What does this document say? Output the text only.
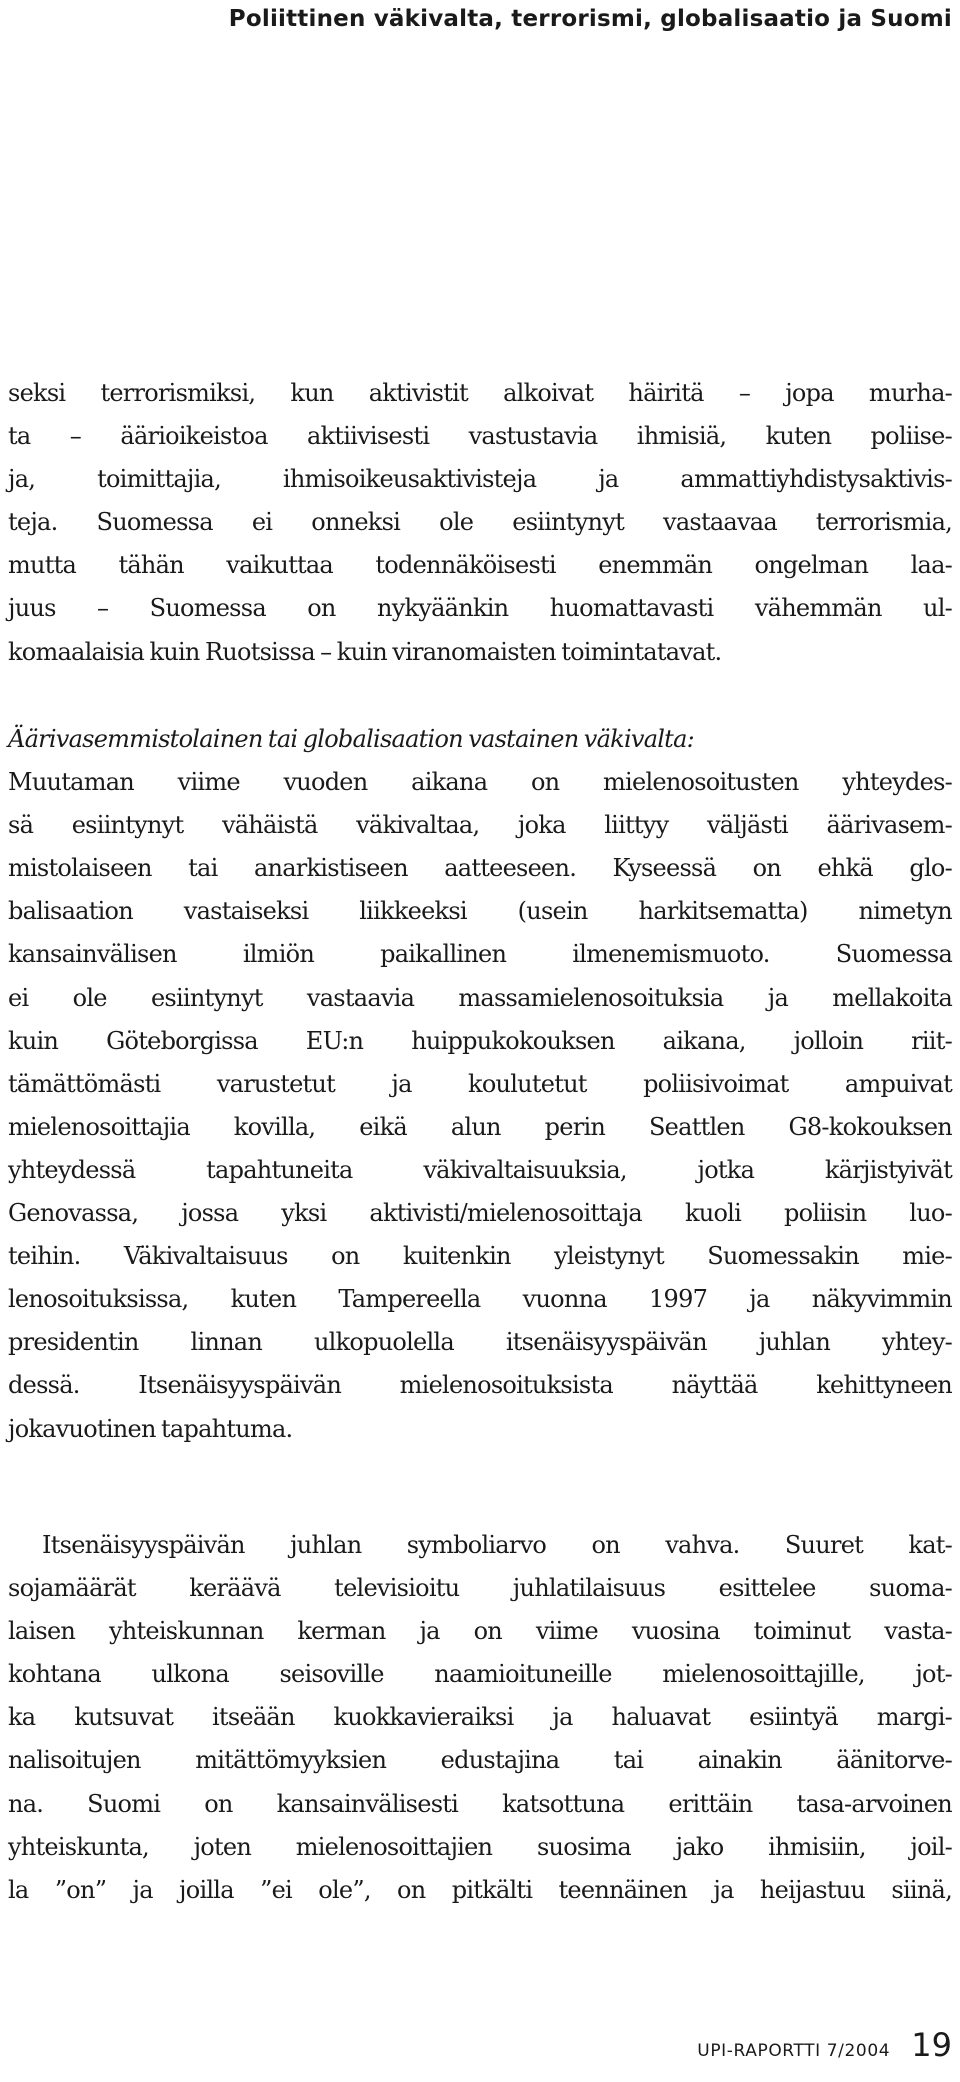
Poliittinen väkivalta, terrorismi, globalisaatio ja Suomi
seksi terrorismiksi, kun aktivistit alkoivat häiritä – jopa murha-
ta – äärioikeistoa aktiivisesti vastustavia ihmisiä, kuten poliise-
ja, toimittajia, ihmisoikeusaktivisteja ja ammattiyhdistysaktivis-
teja. Suomessa ei onneksi ole esiintynyt vastaavaa terrorismia,
mutta tähän vaikuttaa todennäköisesti enemmän ongelman laa-
juus – Suomessa on nykyäänkin huomattavasti vähemmän ul-
komaalaisia kuin Ruotsissa – kuin viranomaisten toimintatavat.
Äärivasemmistolainen tai globalisaation vastainen väkivalta:
Muutaman viime vuoden aikana on mielenosoitusten yhteydes-
sä esiintynyt vähäistä väkivaltaa, joka liittyy väljästi äärivasem-
mistolaiseen tai anarkistiseen aatteeseen. Kyseessä on ehkä glo-
balisaation vastaiseksi liikkeeksi (usein harkitsematta) nimetyn
kansainvälisen ilmiön paikallinen ilmenemismuoto. Suomessa
ei ole esiintynyt vastaavia massamielenosoituksia ja mellakoita
kuin Göteborgissa EU:n huippukokouksen aikana, jolloin riit-
tämättömästi varustetut ja koulutetut poliisivoimat ampuivat
mielenosoittajia kovilla, eikä alun perin Seattlen G8-kokouksen
yhteydessä tapahtuneita väkivaltaisuuksia, jotka kärjistyivät
Genovassa, jossa yksi aktivisti/mielenosoittaja kuoli poliisin luo-
teihin. Väkivaltaisuus on kuitenkin yleistynyt Suomessakin mie-
lenosoituksissa, kuten Tampereella vuonna 1997 ja näkyvimmin
presidentin linnan ulkopuolella itsenäisyyspäivän juhlan yhtey-
dessä. Itsenäisyyspäivän mielenosoituksista näyttää kehittyneen
jokavuotinen tapahtuma.
Itsenäisyyspäivän juhlan symboliarvo on vahva. Suuret kat-
sojamäärät keräävä televisioitu juhlatilaisuus esittelee suoma-
laisen yhteiskunnan kerman ja on viime vuosina toiminut vasta-
kohtana ulkona seisoville naamioituneille mielenosoittajille, jot-
ka kutsuvat itseään kuokkavieraiksi ja haluavat esiintyä margi-
nalisoitujen mitättömyyksien edustajina tai ainakin äänitorve-
na. Suomi on kansainvälisesti katsottuna erittäin tasa-arvoinen
yhteiskunta, joten mielenosoittajien suosima jako ihmisiin, joil-
la ”on” ja joilla ”ei ole”, on pitkälti teennäinen ja heijastuu siinä,
UPI-RAPORTTI 7/2004 19
